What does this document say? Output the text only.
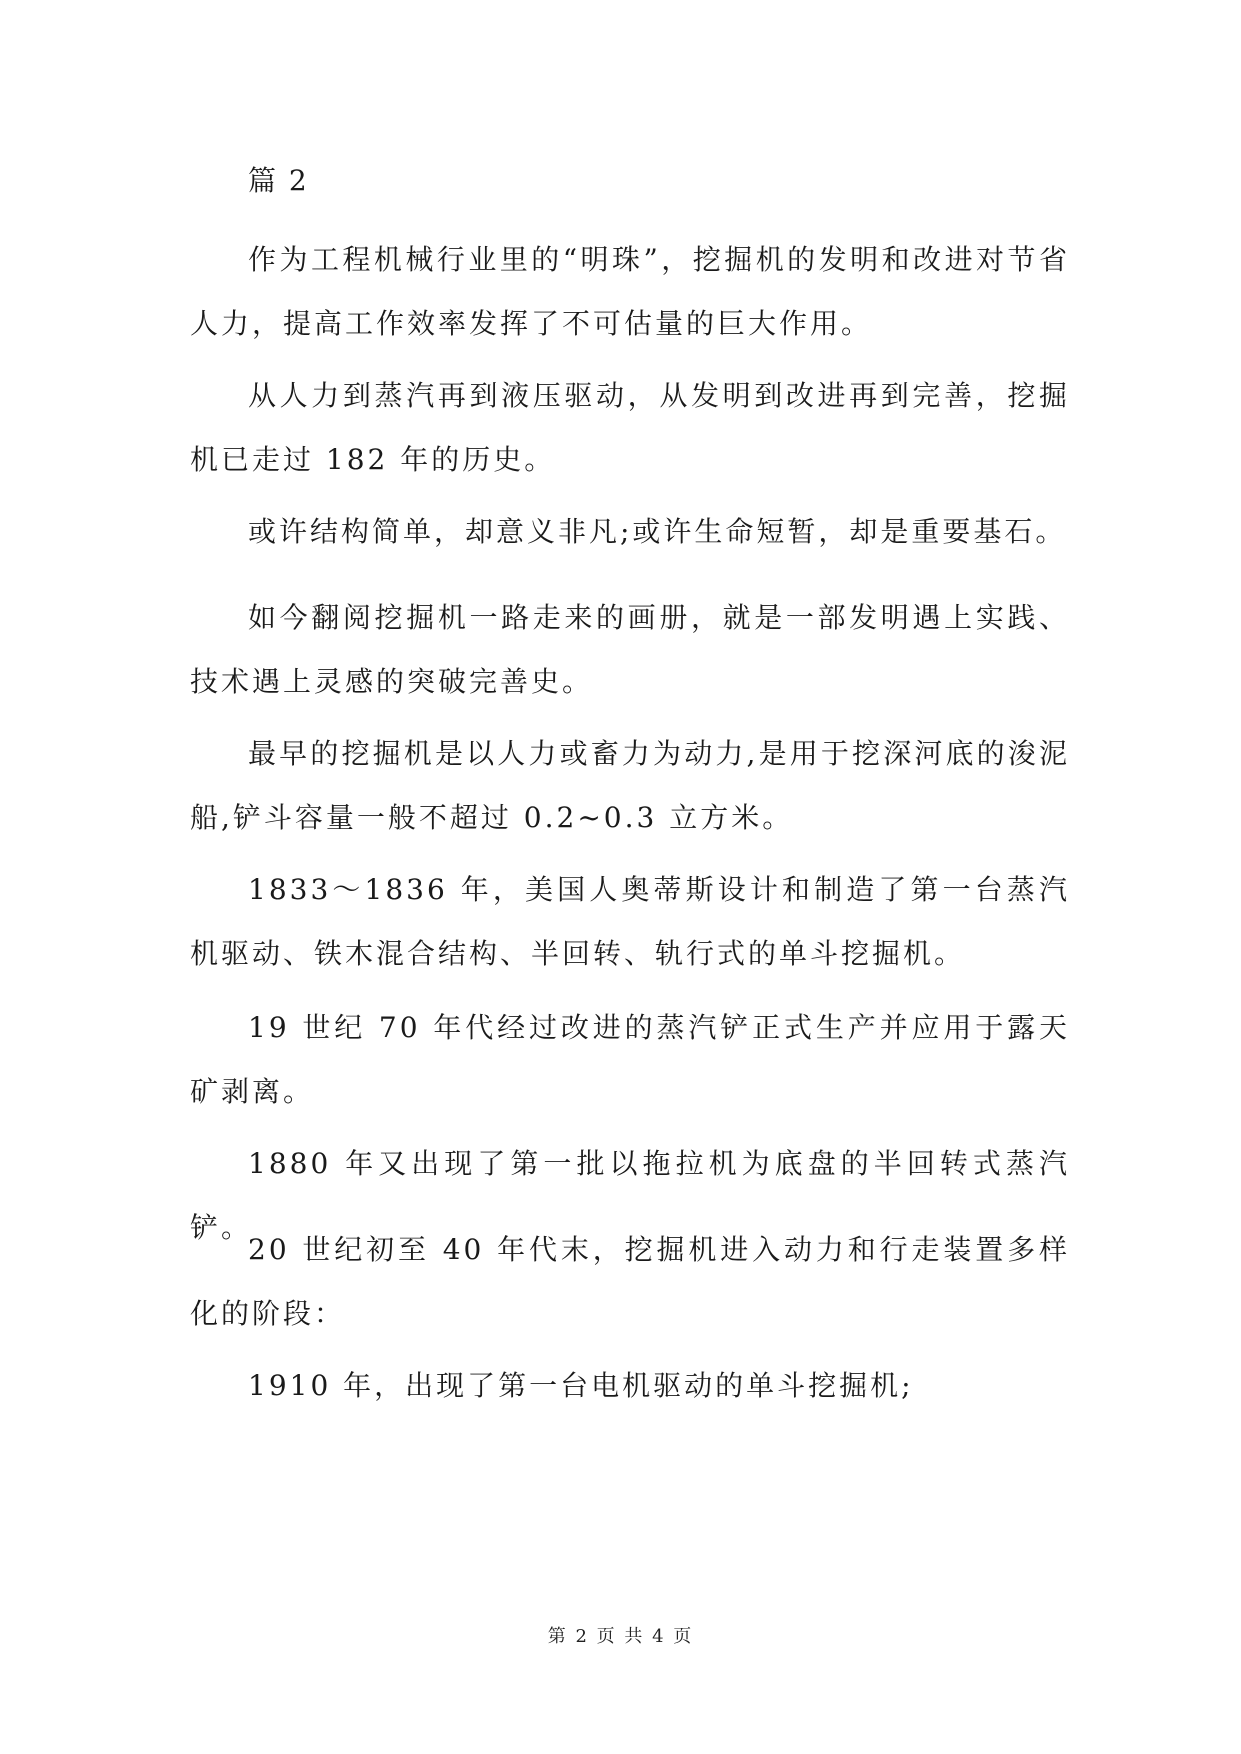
篇 2

作为工程机械行业里的“明珠”，挖掘机的发明和改进对节省人力，提高工作效率发挥了不可估量的巨大作用。

从人力到蒸汽再到液压驱动，从发明到改进再到完善，挖掘机已走过 182 年的历史。

或许结构简单，却意义非凡;或许生命短暂，却是重要基石。

如今翻阅挖掘机一路走来的画册，就是一部发明遇上实践、技术遇上灵感的突破完善史。

最早的挖掘机是以人力或畜力为动力,是用于挖深河底的浚泥船,铲斗容量一般不超过 0.2~0.3 立方米。

1833～1836 年，美国人奥蒂斯设计和制造了第一台蒸汽机驱动、铁木混合结构、半回转、轨行式的单斗挖掘机。

19 世纪 70 年代经过改进的蒸汽铲正式生产并应用于露天矿剥离。

1880 年又出现了第一批以拖拉机为底盘的半回转式蒸汽铲。

20 世纪初至 40 年代末，挖掘机进入动力和行走装置多样化的阶段：

1910 年，出现了第一台电机驱动的单斗挖掘机;

第 2 页 共 4 页
